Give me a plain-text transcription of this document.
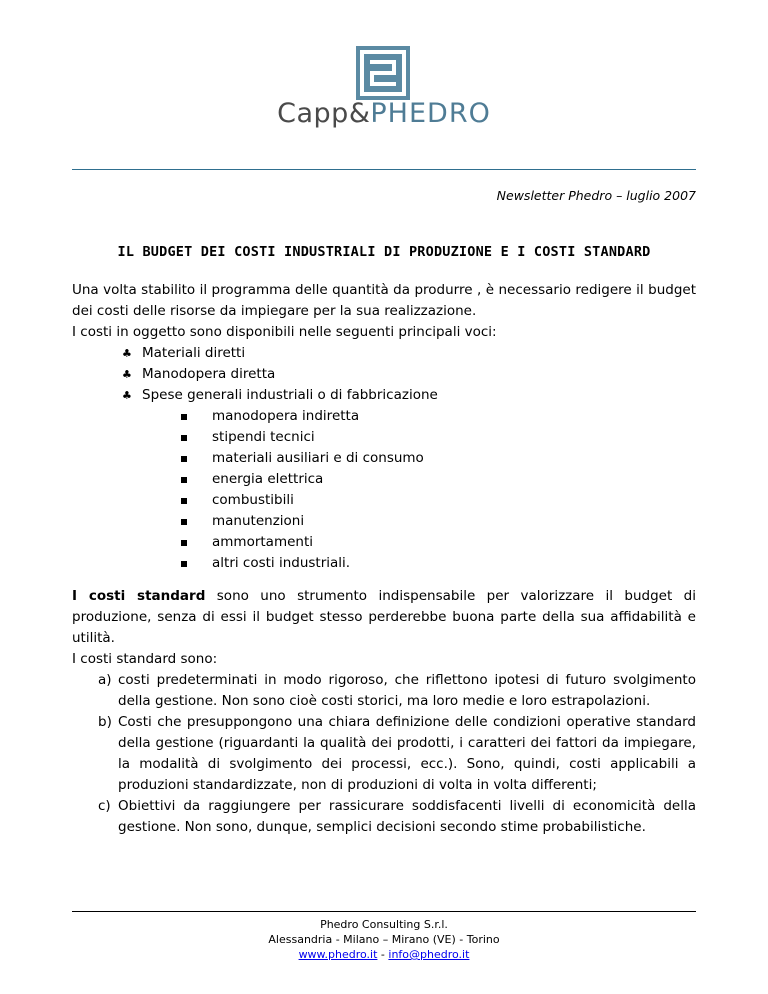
Capp&PHEDRO
Newsletter Phedro – luglio 2007
IL BUDGET DEI COSTI INDUSTRIALI DI PRODUZIONE E I COSTI STANDARD

Una volta stabilito il programma delle quantità da produrre , è necessario redigere il budget dei costi delle risorse da impiegare per la sua realizzazione.

I costi in oggetto sono disponibili nelle seguenti principali voci:

♣ Materiali diretti
♣ Manodopera diretta
♣ Spese generali industriali o di fabbricazione
manodopera indiretta
stipendi tecnici
materiali ausiliari e di consumo
energia elettrica
combustibili
manutenzioni
ammortamenti
altri costi industriali.

I costi standard sono uno strumento indispensabile per valorizzare il budget di produzione, senza di essi il budget stesso perderebbe buona parte della sua affidabilità e utilità.

I costi standard sono:

a) costi predeterminati in modo rigoroso, che riflettono ipotesi di futuro svolgimento della gestione. Non sono cioè costi storici, ma loro medie e loro estrapolazioni.
b) Costi che presuppongono una chiara definizione delle condizioni operative standard della gestione (riguardanti la qualità dei prodotti, i caratteri dei fattori da impiegare, la modalità di svolgimento dei processi, ecc.). Sono, quindi, costi applicabili a produzioni standardizzate, non di produzioni di volta in volta differenti;
c) Obiettivi da raggiungere per rassicurare soddisfacenti livelli di economicità della gestione. Non sono, dunque, semplici decisioni secondo stime probabilistiche.
Phedro Consulting S.r.l.
Alessandria - Milano – Mirano (VE) - Torino
www.phedro.it - info@phedro.it
